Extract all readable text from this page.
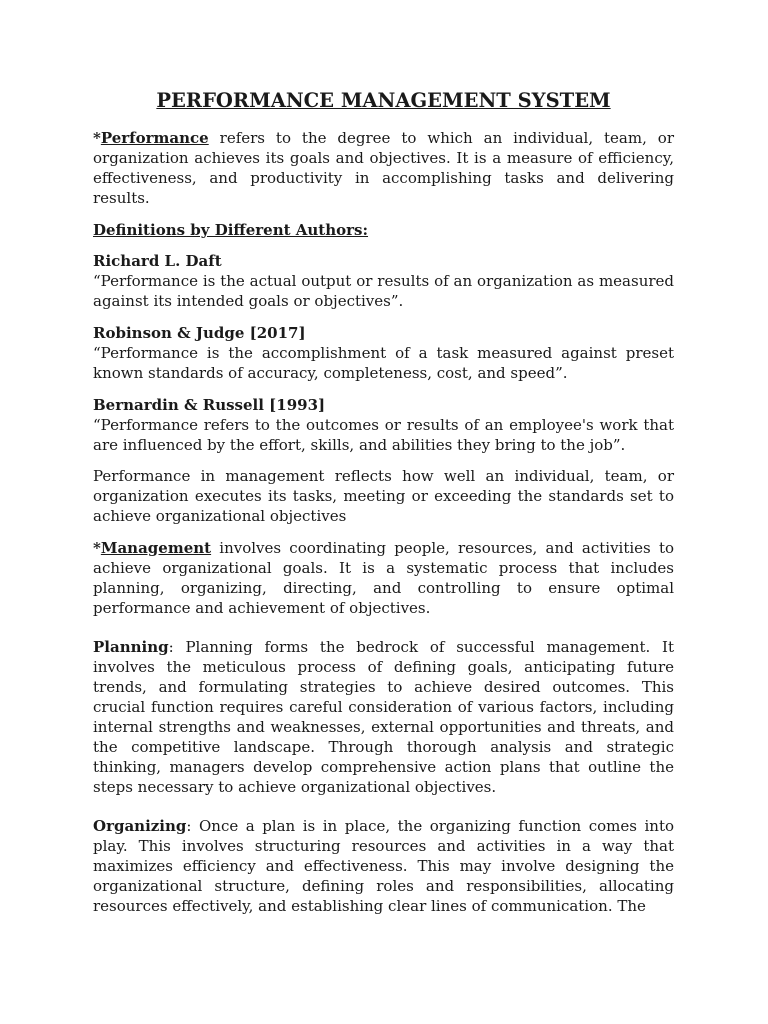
PERFORMANCE MANAGEMENT SYSTEM

*Performance refers to the degree to which an individual, team, or organization achieves its goals and objectives. It is a measure of efficiency, effectiveness, and productivity in accomplishing tasks and delivering results.

Definitions by Different Authors:
Richard L. Daft

“Performance is the actual output or results of an organization as measured against its intended goals or objectives”.

Robinson & Judge [2017]

“Performance is the accomplishment of a task measured against preset known standards of accuracy, completeness, cost, and speed”.

Bernardin & Russell [1993]

“Performance refers to the outcomes or results of an employee's work that are influenced by the effort, skills, and abilities they bring to the job”.

Performance in management reflects how well an individual, team, or organization executes its tasks, meeting or exceeding the standards set to achieve organizational objectives

*Management involves coordinating people, resources, and activities to achieve organizational goals. It is a systematic process that includes planning, organizing, directing, and controlling to ensure optimal performance and achievement of objectives.

Planning: Planning forms the bedrock of successful management. It involves the meticulous process of defining goals, anticipating future trends, and formulating strategies to achieve desired outcomes. This crucial function requires careful consideration of various factors, including internal strengths and weaknesses, external opportunities and threats, and the competitive landscape. Through thorough analysis and strategic thinking, managers develop comprehensive action plans that outline the steps necessary to achieve organizational objectives.

Organizing: Once a plan is in place, the organizing function comes into play. This involves structuring resources and activities in a way that maximizes efficiency and effectiveness. This may involve designing the organizational structure, defining roles and responsibilities, allocating resources effectively, and establishing clear lines of communication. The
